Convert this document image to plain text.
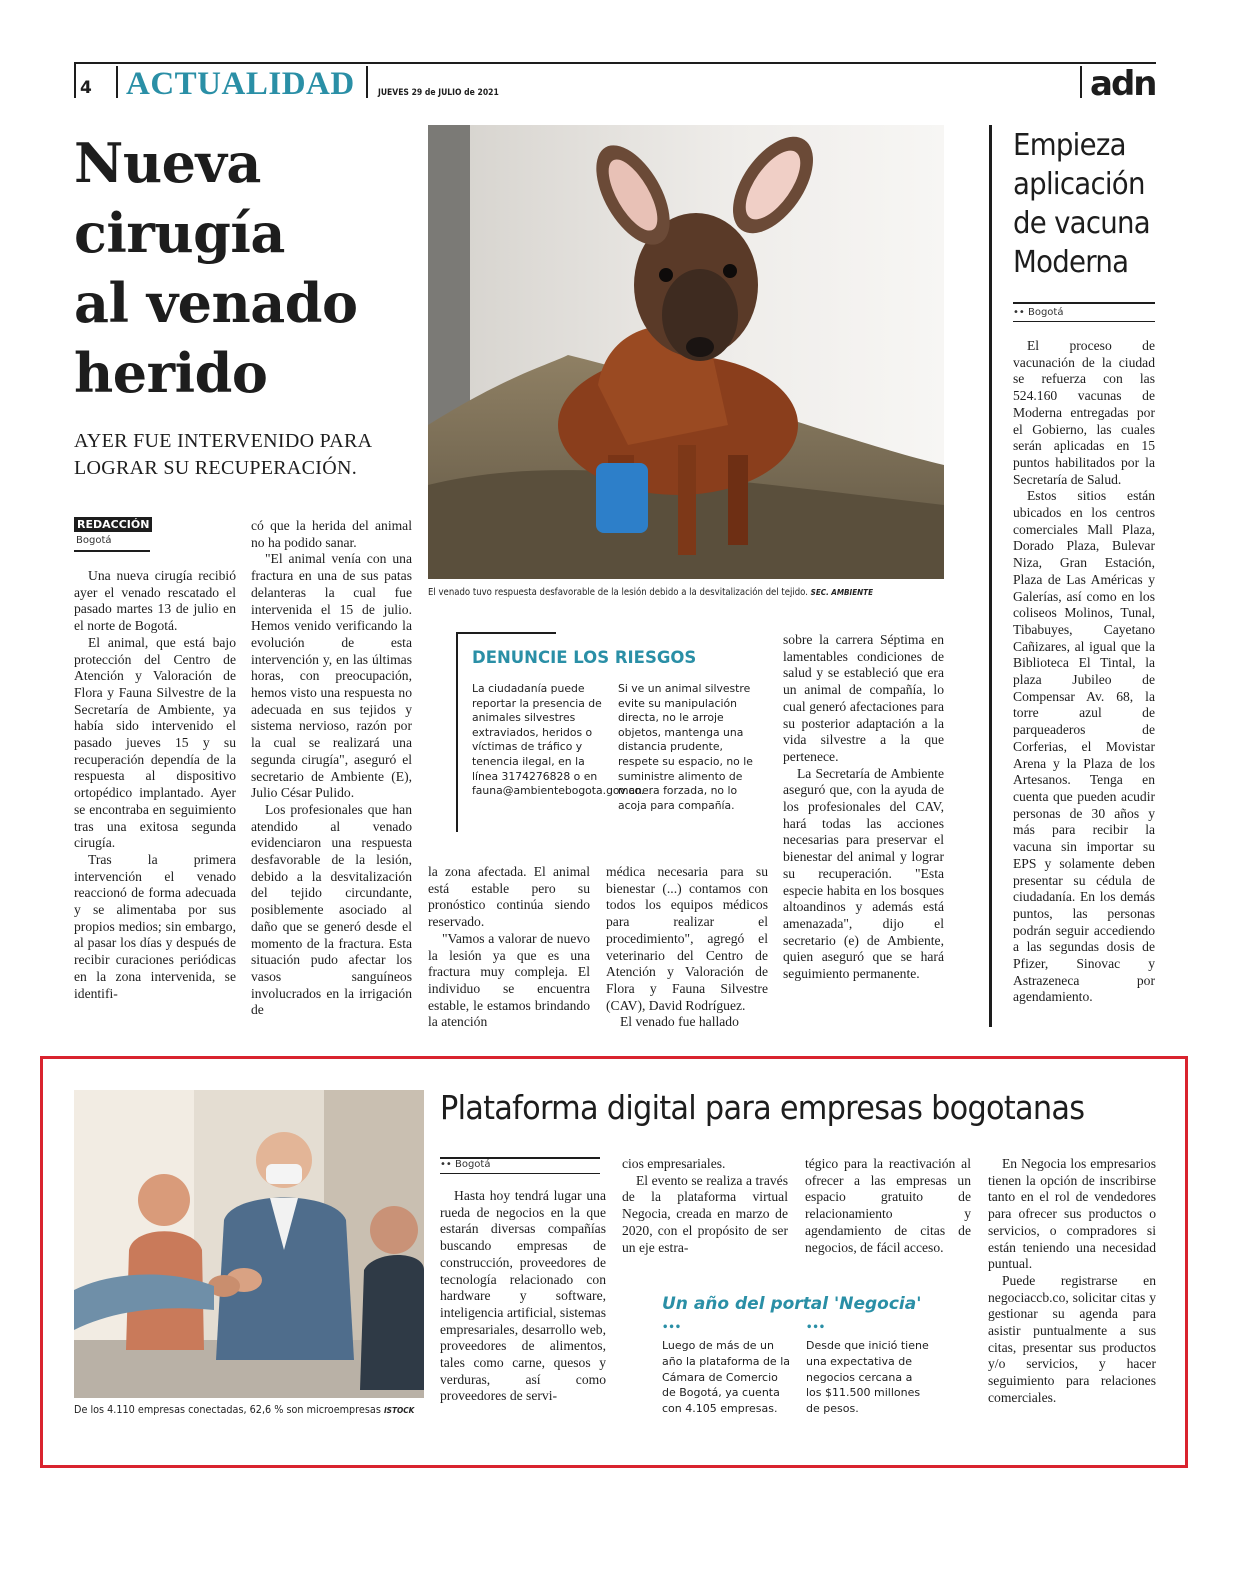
4 ACTUALIDAD	JUEVES 29 de JULIO de 2021	adn
Nueva
cirugía
al venado
herido
AYER FUE INTERVENIDO PARA
LOGRAR SU RECUPERACIÓN.
REDACCIÓN
Bogotá
El venado tuvo respuesta desfavorable de la lesión debido a la desvitalización del tejido. SEC. AMBIENTE

Una nueva cirugía recibió ayer el venado rescatado el pasado martes 13 de julio en el norte de Bogotá.

El animal, que está bajo protección del Centro de Atención y Valoración de Flora y Fauna Silvestre de la Secretaría de Ambiente, ya había sido intervenido el pasado jueves 15 y su recuperación dependía de la respuesta al dispositivo ortopédico implantado. Ayer se encontraba en seguimiento tras una exitosa segunda cirugía.

Tras la primera intervención el venado reaccionó de forma adecuada y se alimentaba por sus propios medios; sin embargo, al pasar los días y después de recibir curaciones periódicas en la zona intervenida, se identifi-

có que la herida del animal no ha podido sanar.

"El animal venía con una fractura en una de sus patas delanteras la cual fue intervenida el 15 de julio. Hemos venido verificando la evolución de esta intervención y, en las últimas horas, con preocupación, hemos visto una respuesta no adecuada en sus tejidos y sistema nervioso, razón por la cual se realizará una segunda cirugía", aseguró el secretario de Ambiente (E), Julio César Pulido.

Los profesionales que han atendido al venado evidenciaron una respuesta desfavorable de la lesión, debido a la desvitalización del tejido circundante, posiblemente asociado al daño que se generó desde el momento de la fractura. Esta situación pudo afectar los vasos sanguíneos involucrados en la irrigación de

la zona afectada. El animal está estable pero su pronóstico continúa siendo reservado.

"Vamos a valorar de nuevo la lesión ya que es una fractura muy compleja. El individuo se encuentra estable, le estamos brindando la atención

médica necesaria para su bienestar (...) contamos con todos los equipos médicos para realizar el procedimiento", agregó el veterinario del Centro de Atención y Valoración de Flora y Fauna Silvestre (CAV), David Rodríguez.

El venado fue hallado

sobre la carrera Séptima en lamentables condiciones de salud y se estableció que era un animal de compañía, lo cual generó afectaciones para su posterior adaptación a la vida silvestre a la que pertenece.

La Secretaría de Ambiente aseguró que, con la ayuda de los profesionales del CAV, hará todas las acciones necesarias para preservar el bienestar del animal y lograr su recuperación. "Esta especie habita en los bosques altoandinos y además está amenazada", dijo el secretario (e) de Ambiente, quien aseguró que se hará seguimiento permanente.

DENUNCIE LOS RIESGOS
La ciudadanía puede reportar la presencia de animales silvestres extraviados, heridos o víctimas de tráfico y tenencia ilegal, en la línea 3174276828 o en fauna@ambientebogota.gov.co.
Si ve un animal silvestre evite su manipulación directa, no le arroje objetos, mantenga una distancia prudente, respete su espacio, no le suministre alimento de manera forzada, no lo acoja para compañía.
Empieza
aplicación
de vacuna
Moderna
•• Bogotá

El proceso de vacunación de la ciudad se refuerza con las 524.160 vacunas de Moderna entregadas por el Gobierno, las cuales serán aplicadas en 15 puntos habilitados por la Secretaría de Salud.

Estos sitios están ubicados en los centros comerciales Mall Plaza, Dorado Plaza, Bulevar Niza, Gran Estación, Plaza de Las Américas y Galerías, así como en los coliseos Molinos, Tunal, Tibabuyes, Cayetano Cañizares, al igual que la Biblioteca El Tintal, la plaza Jubileo de Compensar Av. 68, la torre azul de parqueaderos de Corferias, el Movistar Arena y la Plaza de los Artesanos. Tenga en cuenta que pueden acudir personas de 30 años y más para recibir la vacuna sin importar su EPS y solamente deben presentar su cédula de ciudadanía. En los demás puntos, las personas podrán seguir accediendo a las segundas dosis de Pfizer, Sinovac y Astrazeneca por agendamiento.

De los 4.110 empresas conectadas, 62,6 % son microempresas ISTOCK
Plataforma digital para empresas bogotanas
•• Bogotá

Hasta hoy tendrá lugar una rueda de negocios en la que estarán diversas compañías buscando empresas de construcción, proveedores de tecnología relacionado con hardware y software, inteligencia artificial, sistemas empresariales, desarrollo web, proveedores de alimentos, tales como carne, quesos y verduras, así como proveedores de servi-

cios empresariales.

El evento se realiza a través de la plataforma virtual Negocia, creada en marzo de 2020, con el propósito de ser un eje estra-

tégico para la reactivación al ofrecer a las empresas un espacio gratuito de relacionamiento y agendamiento de citas de negocios, de fácil acceso.

En Negocia los empresarios tienen la opción de inscribirse tanto en el rol de vendedores para ofrecer sus productos o servicios, o compradores si están teniendo una necesidad puntual.

Puede registrarse en negociaccb.co, solicitar citas y gestionar su agenda para asistir puntualmente a sus citas, presentar sus productos y/o servicios, y hacer seguimiento para relaciones comerciales.

Un año del portal 'Negocia'
•••	•••
Luego de más de un año la plataforma de la Cámara de Comercio de Bogotá, ya cuenta con 4.105 empresas.
Desde que inició tiene una expectativa de negocios cercana a los $11.500 millones de pesos.
